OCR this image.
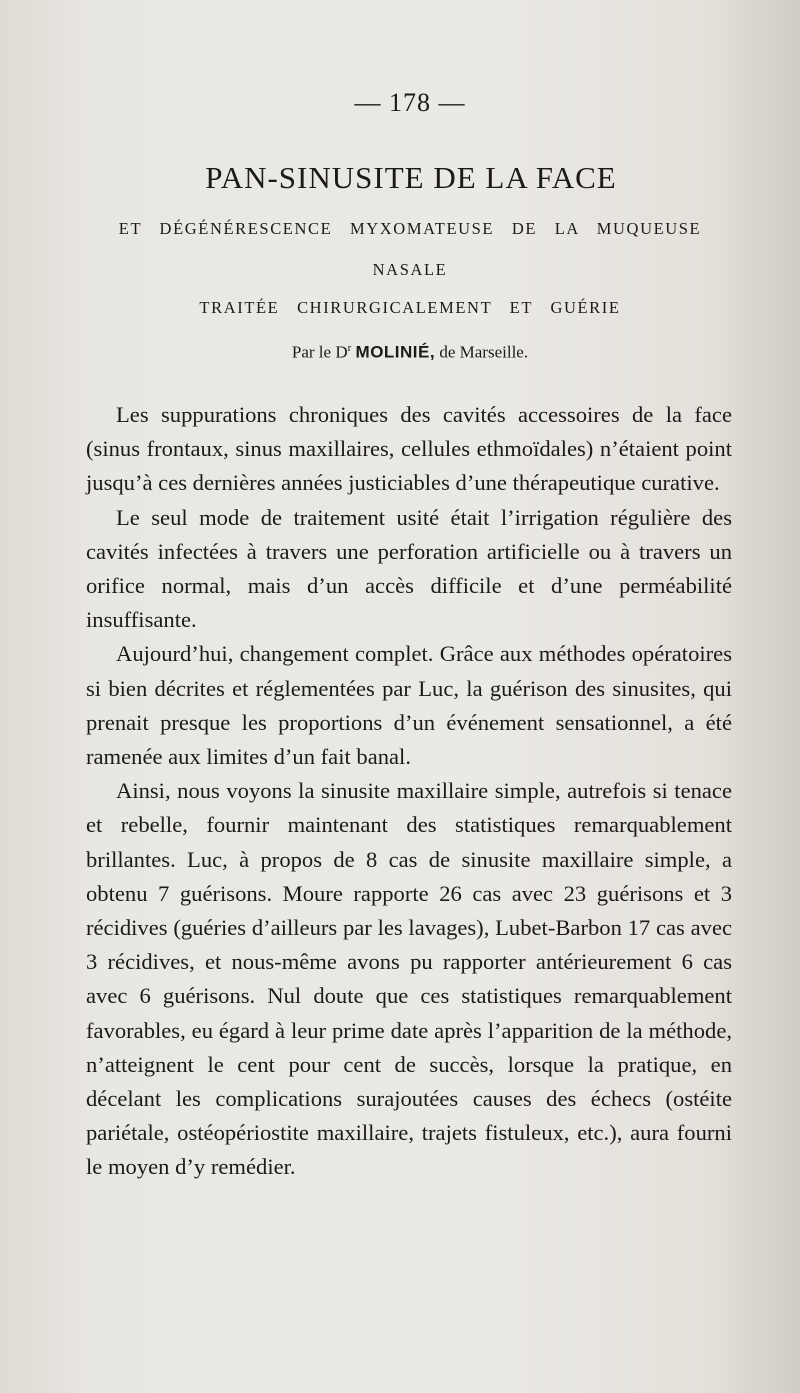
— 178 —
PAN-SINUSITE DE LA FACE
ET DÉGÉNÉRESCENCE MYXOMATEUSE DE LA MUQUEUSE
NASALE
TRAITÉE CHIRURGICALEMENT ET GUÉRIE
Par le $D^r$ MOLINIÉ, de Marseille.

Les suppurations chroniques des cavités accessoires de la face (sinus frontaux, sinus maxillaires, cellules ethmoïdales) n’étaient point jusqu’à ces dernières années justiciables d’une thérapeutique curative.

Le seul mode de traitement usité était l’irrigation régulière des cavités infectées à travers une perforation artificielle ou à travers un orifice normal, mais d’un accès difficile et d’une perméabilité insuffisante.

Aujourd’hui, changement complet. Grâce aux méthodes opératoires si bien décrites et réglementées par Luc, la guérison des sinusites, qui prenait presque les proportions d’un événement sensationnel, a été ramenée aux limites d’un fait banal.

Ainsi, nous voyons la sinusite maxillaire simple, autrefois si tenace et rebelle, fournir maintenant des statistiques remarquablement brillantes. Luc, à propos de 8 cas de sinusite maxillaire simple, a obtenu 7 guérisons. Moure rapporte 26 cas avec 23 guérisons et 3 récidives (guéries d’ailleurs par les lavages), Lubet-Barbon 17 cas avec 3 récidives, et nous-même avons pu rapporter antérieurement 6 cas avec 6 guérisons. Nul doute que ces statistiques remarquablement favorables, eu égard à leur prime date après l’apparition de la méthode, n’atteignent le cent pour cent de succès, lorsque la pratique, en décelant les complications surajoutées causes des échecs (ostéite pariétale, ostéopériostite maxillaire, trajets fistuleux, etc.), aura fourni le moyen d’y remédier.
